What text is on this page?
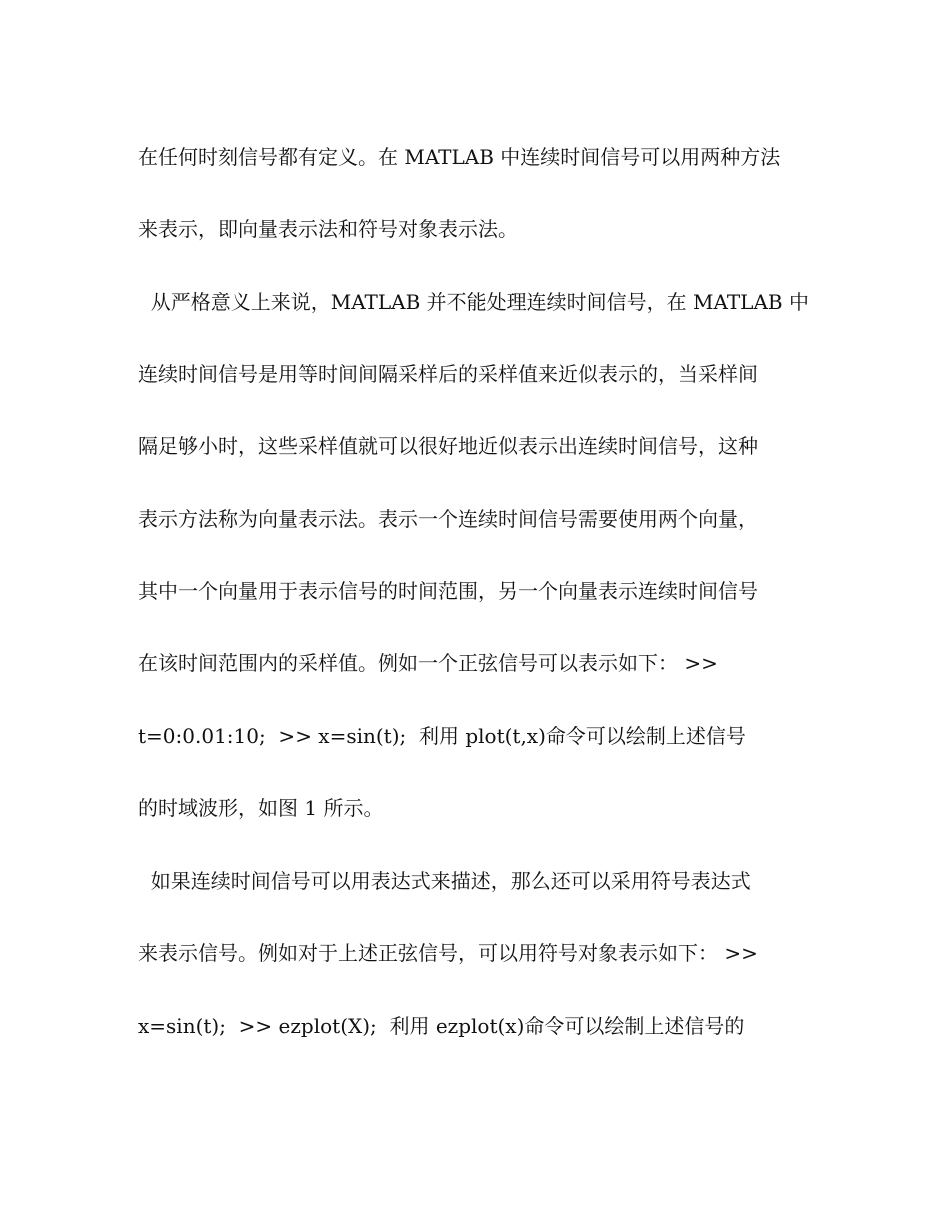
在任何时刻信号都有定义。在 MATLAB 中连续时间信号可以用两种方法
来表示，即向量表示法和符号对象表示法。
从严格意义上来说，MATLAB 并不能处理连续时间信号，在 MATLAB 中
连续时间信号是用等时间间隔采样后的采样值来近似表示的，当采样间
隔足够小时，这些采样值就可以很好地近似表示出连续时间信号，这种
表示方法称为向量表示法。表示一个连续时间信号需要使用两个向量，
其中一个向量用于表示信号的时间范围，另一个向量表示连续时间信号
在该时间范围内的采样值。例如一个正弦信号可以表示如下： >>
t=0:0.01:10;  >> x=sin(t);  利用 plot(t,x)命令可以绘制上述信号
的时域波形，如图 1 所示。
如果连续时间信号可以用表达式来描述，那么还可以采用符号表达式
来表示信号。例如对于上述正弦信号，可以用符号对象表示如下： >>
x=sin(t);  >> ezplot(X);  利用 ezplot(x)命令可以绘制上述信号的
